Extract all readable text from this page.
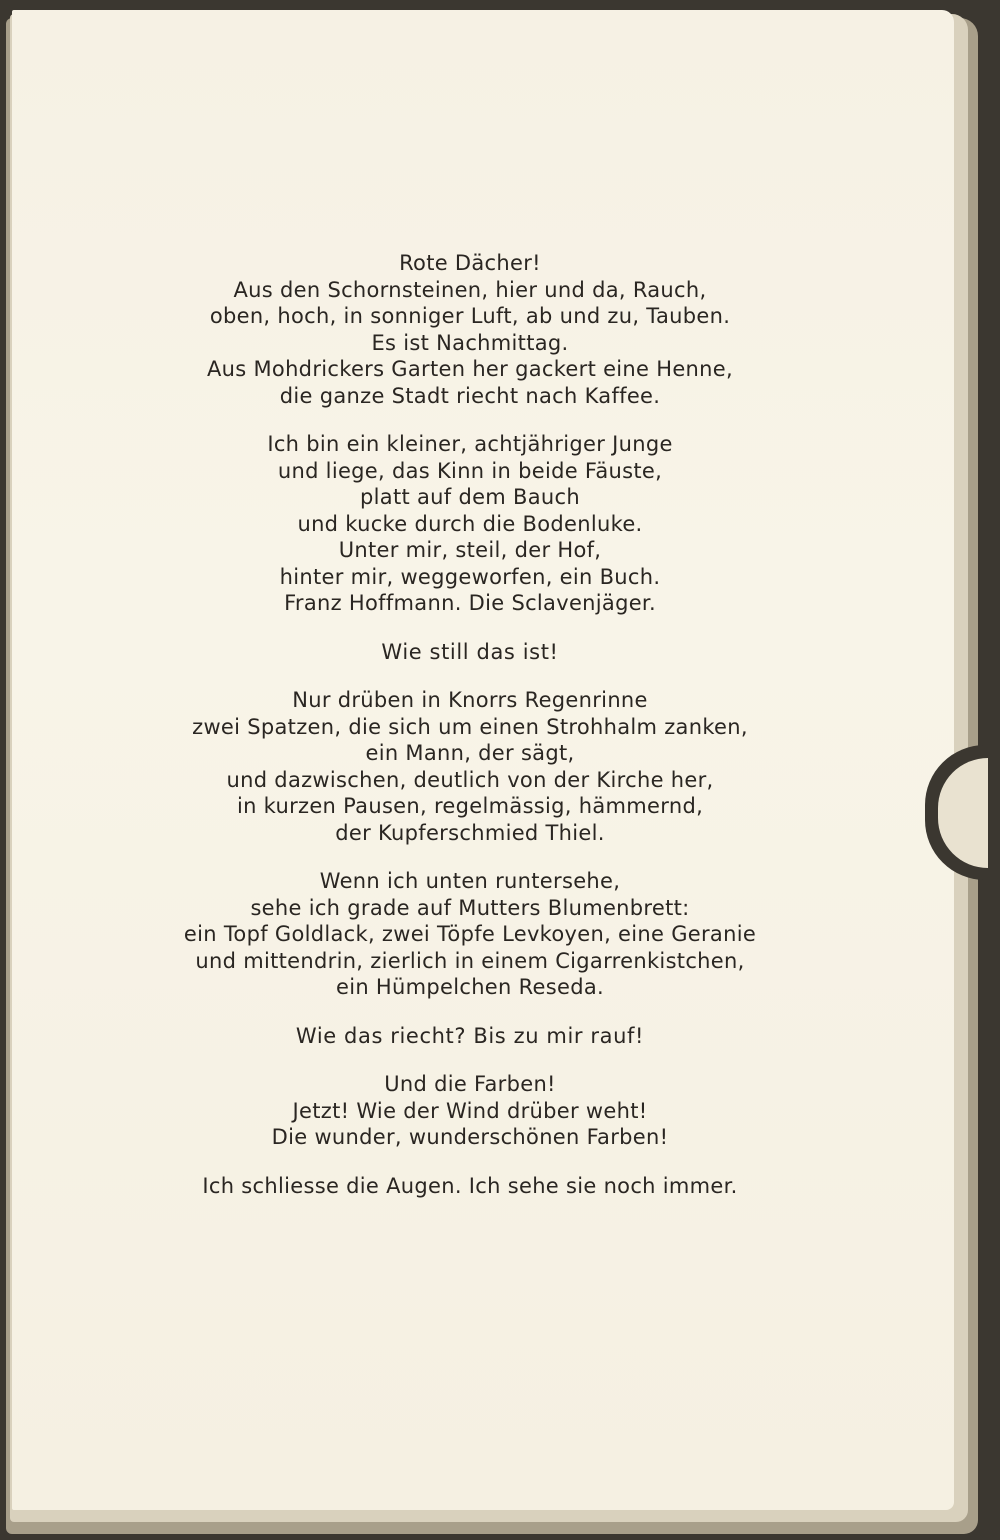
Rote Dächer!
Aus den Schornsteinen, hier und da, Rauch,
oben, hoch, in sonniger Luft, ab und zu, Tauben.
Es ist Nachmittag.
Aus Mohdrickers Garten her gackert eine Henne,
die ganze Stadt riecht nach Kaffee.
Ich bin ein kleiner, achtjähriger Junge
und liege, das Kinn in beide Fäuste,
platt auf dem Bauch
und kucke durch die Bodenluke.
Unter mir, steil, der Hof,
hinter mir, weggeworfen, ein Buch.
Franz Hoffmann. Die Sclavenjäger.
Wie still das ist!
Nur drüben in Knorrs Regenrinne
zwei Spatzen, die sich um einen Strohhalm zanken,
ein Mann, der sägt,
und dazwischen, deutlich von der Kirche her,
in kurzen Pausen, regelmässig, hämmernd,
der Kupferschmied Thiel.
Wenn ich unten runtersehe,
sehe ich grade auf Mutters Blumenbrett:
ein Topf Goldlack, zwei Töpfe Levkoyen, eine Geranie
und mittendrin, zierlich in einem Cigarrenkistchen,
ein Hümpelchen Reseda.
Wie das riecht? Bis zu mir rauf!
Und die Farben!
Jetzt! Wie der Wind drüber weht!
Die wunder, wunderschönen Farben!
Ich schliesse die Augen. Ich sehe sie noch immer.
